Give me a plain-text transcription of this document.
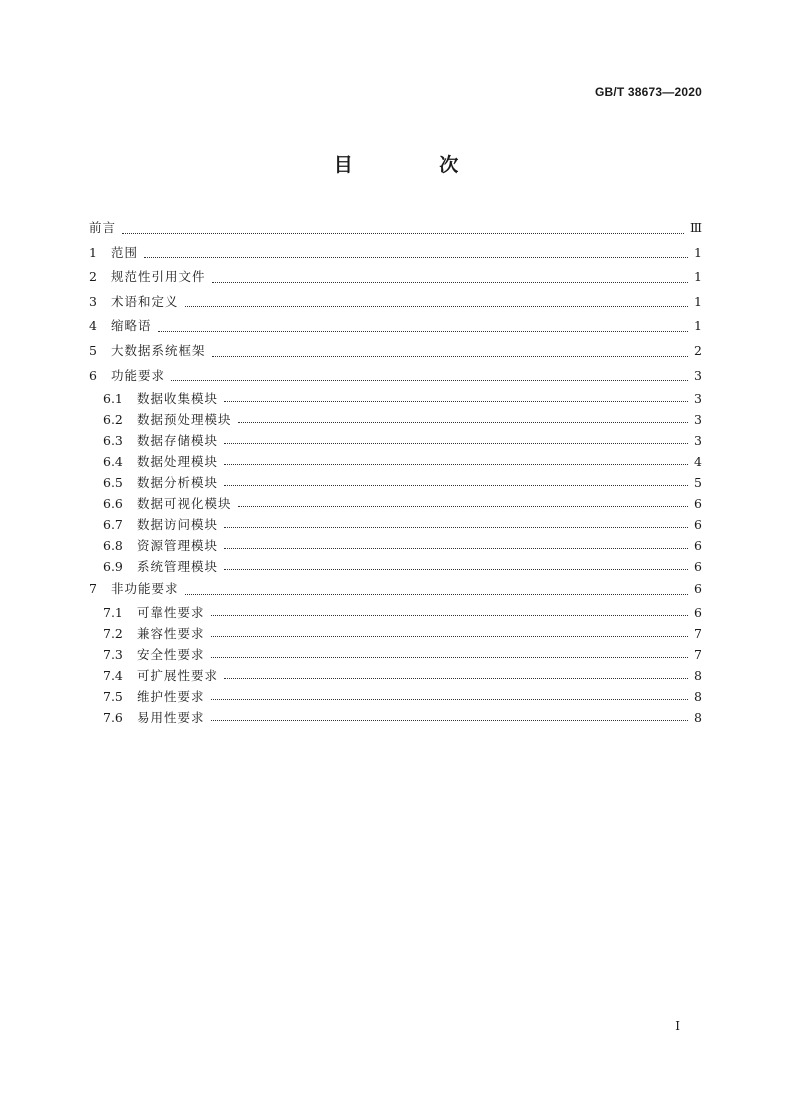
GB/T 38673—2020
目 次
前言	Ⅲ
1	范围	1
2	规范性引用文件	1
3	术语和定义	1
4	缩略语	1
5	大数据系统框架	2
6	功能要求	3
6.1	数据收集模块	3
6.2	数据预处理模块	3
6.3	数据存储模块	3
6.4	数据处理模块	4
6.5	数据分析模块	5
6.6	数据可视化模块	6
6.7	数据访问模块	6
6.8	资源管理模块	6
6.9	系统管理模块	6
7	非功能要求	6
7.1	可靠性要求	6
7.2	兼容性要求	7
7.3	安全性要求	7
7.4	可扩展性要求	8
7.5	维护性要求	8
7.6	易用性要求	8
I
